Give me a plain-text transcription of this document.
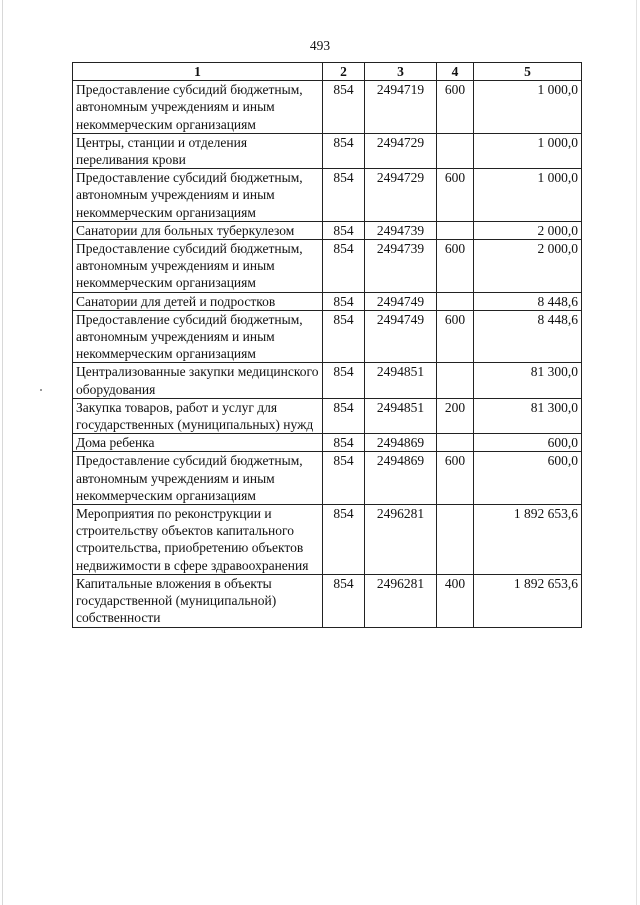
493
1	2	3	4	5
Предоставление субсидий бюджетным, автономным учреждениям и иным некоммерческим организациям	854	2494719	600	1 000,0
Центры, станции и отделения переливания крови	854	2494729		1 000,0
Предоставление субсидий бюджетным, автономным учреждениям и иным некоммерческим организациям	854	2494729	600	1 000,0
Санатории для больных туберкулезом	854	2494739		2 000,0
Предоставление субсидий бюджетным, автономным учреждениям и иным некоммерческим организациям	854	2494739	600	2 000,0
Санатории для детей и подростков	854	2494749		8 448,6
Предоставление субсидий бюджетным, автономным учреждениям и иным некоммерческим организациям	854	2494749	600	8 448,6
Централизованные закупки медицинского оборудования	854	2494851		81 300,0
Закупка товаров, работ и услуг для государственных (муниципальных) нужд	854	2494851	200	81 300,0
Дома ребенка	854	2494869		600,0
Предоставление субсидий бюджетным, автономным учреждениям и иным некоммерческим организациям	854	2494869	600	600,0
Мероприятия по реконструкции и строительству объектов капитального строительства, приобретению объектов недвижимости в сфере здравоохранения	854	2496281		1 892 653,6
Капитальные вложения в объекты государственной (муниципальной) собственности	854	2496281	400	1 892 653,6
